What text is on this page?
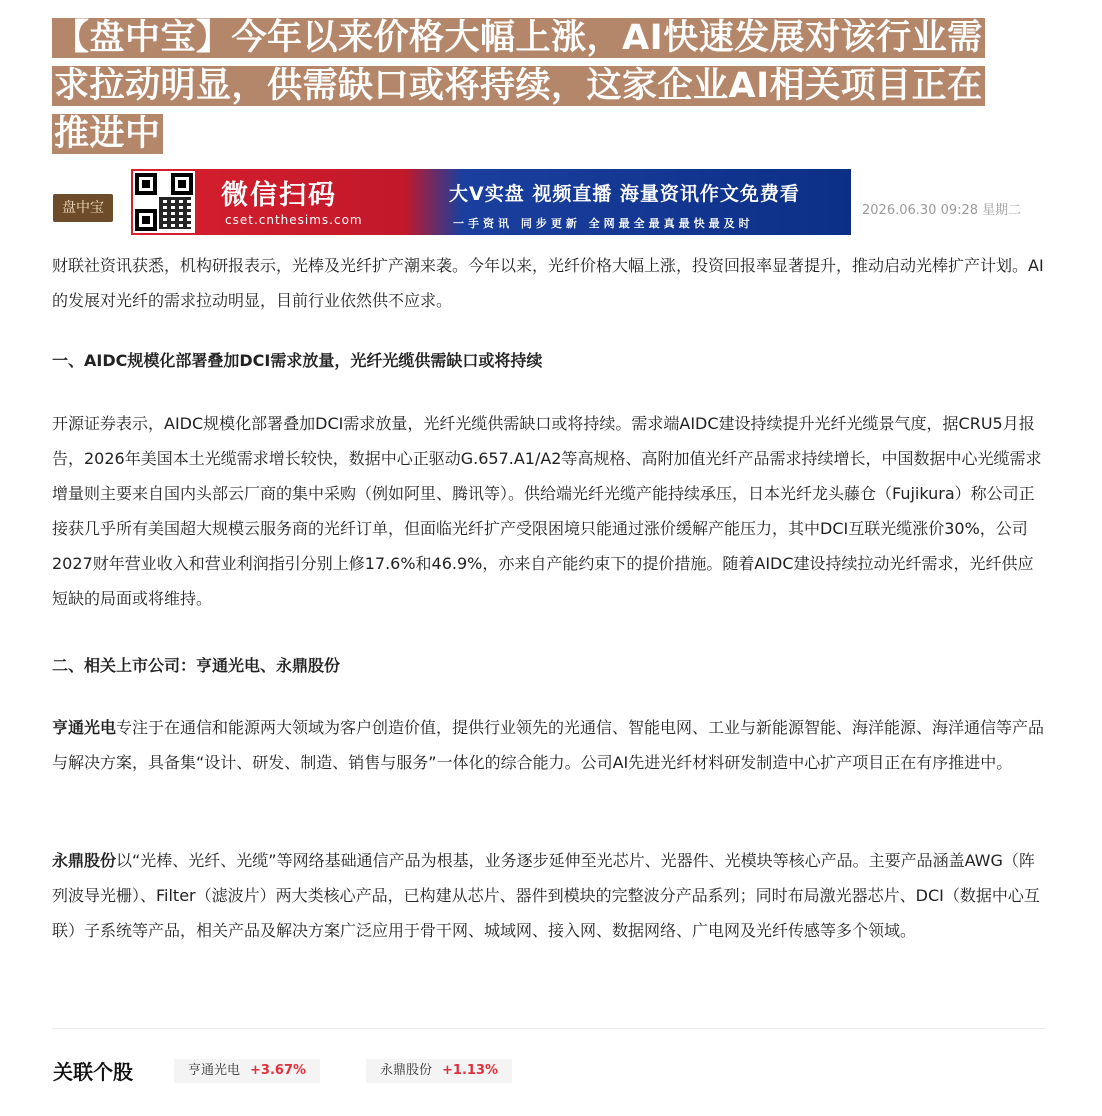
【盘中宝】今年以来价格大幅上涨，AI快速发展对该行业需
求拉动明显，供需缺口或将持续，这家企业AI相关项目正在
推进中
盘中宝	微信扫码
cset.cnthesims.com
大V实盘 视频直播 海量资讯作文免费看
一手资讯 同步更新 全网最全最真最快最及时
2026.06.30 09:28 星期二

财联社资讯获悉，机构研报表示，光棒及光纤扩产潮来袭。今年以来，光纤价格大幅上涨，投资回报率显著提升，推动启动光棒扩产计划。AI的发展对光纤的需求拉动明显，目前行业依然供不应求。

一、AIDC规模化部署叠加DCI需求放量，光纤光缆供需缺口或将持续

开源证券表示，AIDC规模化部署叠加DCI需求放量，光纤光缆供需缺口或将持续。需求端AIDC建设持续提升光纤光缆景气度，据CRU5月报告，2026年美国本土光缆需求增长较快，数据中心正驱动G.657.A1/A2等高规格、高附加值光纤产品需求持续增长，中国数据中心光缆需求增量则主要来自国内头部云厂商的集中采购（例如阿里、腾讯等）。供给端光纤光缆产能持续承压，日本光纤龙头藤仓（Fujikura）称公司正接获几乎所有美国超大规模云服务商的光纤订单，但面临光纤扩产受限困境只能通过涨价缓解产能压力，其中DCI互联光缆涨价30%，公司2027财年营业收入和营业利润指引分别上修17.6%和46.9%，亦来自产能约束下的提价措施。随着AIDC建设持续拉动光纤需求，光纤供应短缺的局面或将维持。

二、相关上市公司：亨通光电、永鼎股份

亨通光电专注于在通信和能源两大领域为客户创造价值，提供行业领先的光通信、智能电网、工业与新能源智能、海洋能源、海洋通信等产品与解决方案，具备集“设计、研发、制造、销售与服务”一体化的综合能力。公司AI先进光纤材料研发制造中心扩产项目正在有序推进中。

永鼎股份以“光棒、光纤、光缆”等网络基础通信产品为根基，业务逐步延伸至光芯片、光器件、光模块等核心产品。主要产品涵盖AWG（阵列波导光栅）、Filter（滤波片）两大类核心产品，已构建从芯片、器件到模块的完整波分产品系列；同时布局激光器芯片、DCI（数据中心互联）子系统等产品，相关产品及解决方案广泛应用于骨干网、城域网、接入网、数据网络、广电网及光纤传感等多个领域。

关联个股	亨通光电 +3.67%	永鼎股份 +1.13%
